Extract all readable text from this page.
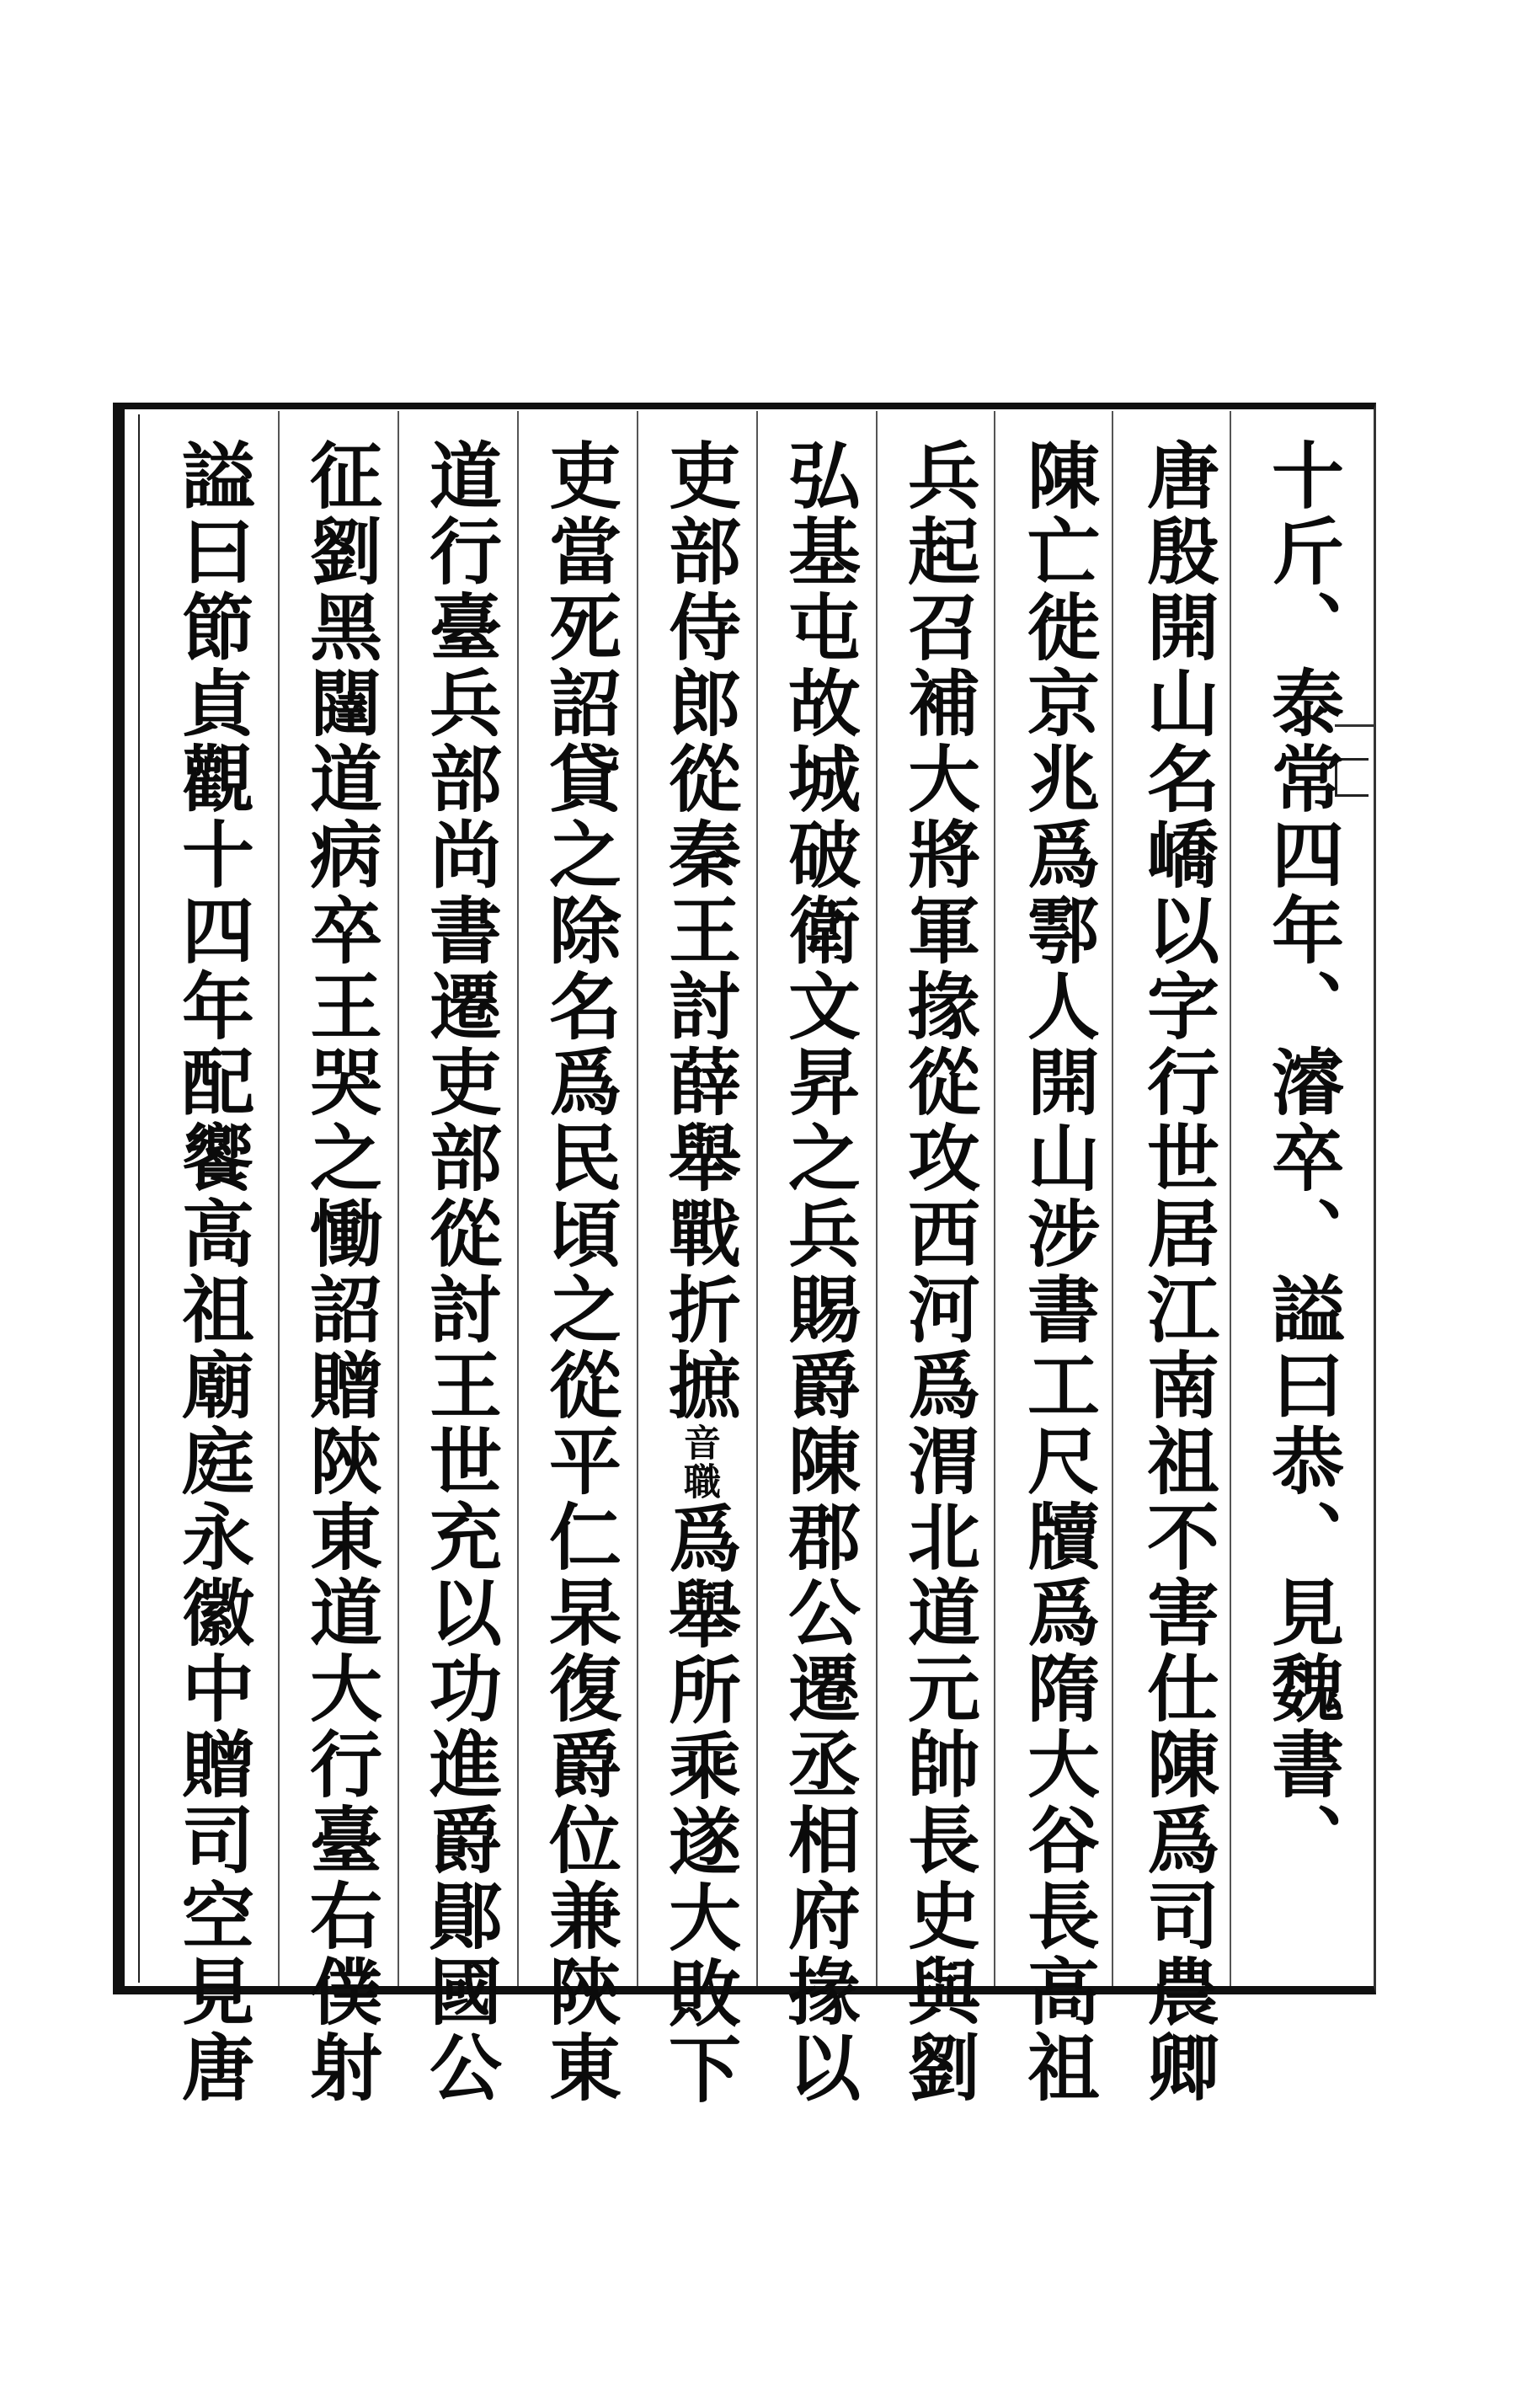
十斤、泰常四年、濬卒、謚曰恭、見魏書、
唐殷開山名嶠以字行世居江南祖不害仕陳爲司農卿
陳亡徙京兆爲鄠人開山涉書工尺牘爲隋大谷長高祖
兵起召補大將軍掾從攻西河爲渭北道元帥長史與劉
弘基屯故城破衛文昇之兵賜爵陳郡公遷丞相府掾以
吏部侍郎從秦王討薛舉戰折摭
音職
爲舉所乘遂大敗下
吏當死詔貸之除名爲民頃之從平仁杲復爵位兼陝東
道行臺兵部尚書遷吏部從討王世充以功進爵鄖國公
征劉黑闥道病卒王哭之慟詔贈陝東道大行臺右僕射
謚曰節貞觀十四年配饗高祖廟庭永徽中贈司空見唐
